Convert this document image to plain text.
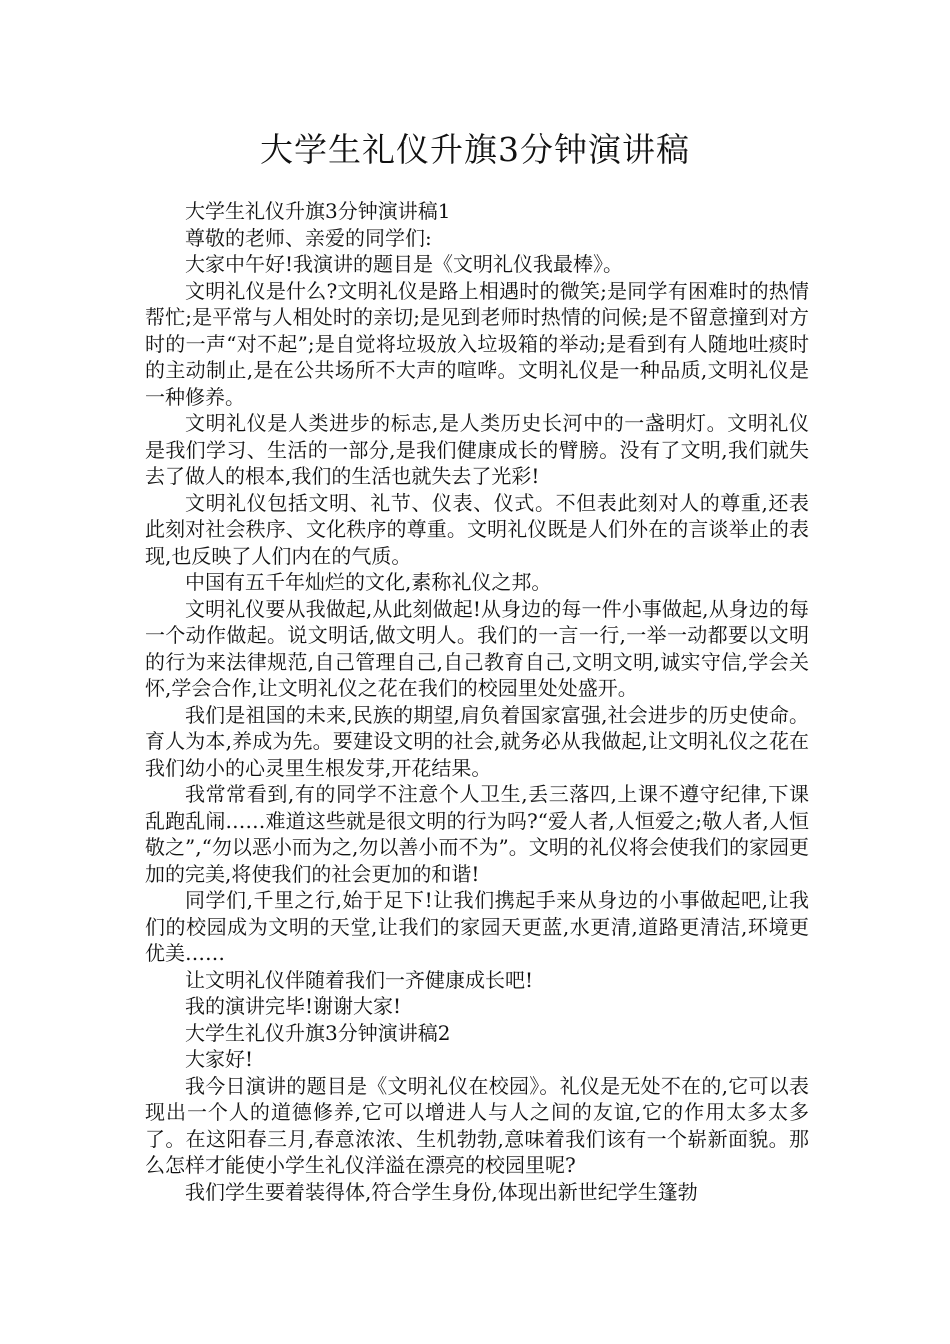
大学生礼仪升旗3分钟演讲稿

大学生礼仪升旗3分钟演讲稿1

尊敬的老师、亲爱的同学们:

大家中午好!我演讲的题目是《文明礼仪我最棒》。

文明礼仪是什么?文明礼仪是路上相遇时的微笑;是同学有困难时的热情帮忙;是平常与人相处时的亲切;是见到老师时热情的问候;是不留意撞到对方时的一声“对不起”;是自觉将垃圾放入垃圾箱的举动;是看到有人随地吐痰时的主动制止,是在公共场所不大声的喧哗。文明礼仪是一种品质,文明礼仪是一种修养。

文明礼仪是人类进步的标志,是人类历史长河中的一盏明灯。文明礼仪是我们学习、生活的一部分,是我们健康成长的臂膀。没有了文明,我们就失去了做人的根本,我们的生活也就失去了光彩!

文明礼仪包括文明、礼节、仪表、仪式。不但表此刻对人的尊重,还表此刻对社会秩序、文化秩序的尊重。文明礼仪既是人们外在的言谈举止的表现,也反映了人们内在的气质。

中国有五千年灿烂的文化,素称礼仪之邦。

文明礼仪要从我做起,从此刻做起!从身边的每一件小事做起,从身边的每一个动作做起。说文明话,做文明人。我们的一言一行,一举一动都要以文明的行为来法律规范,自己管理自己,自己教育自己,文明文明,诚实守信,学会关怀,学会合作,让文明礼仪之花在我们的校园里处处盛开。

我们是祖国的未来,民族的期望,肩负着国家富强,社会进步的历史使命。育人为本,养成为先。要建设文明的社会,就务必从我做起,让文明礼仪之花在我们幼小的心灵里生根发芽,开花结果。

我常常看到,有的同学不注意个人卫生,丢三落四,上课不遵守纪律,下课乱跑乱闹……难道这些就是很文明的行为吗?“爱人者,人恒爱之;敬人者,人恒敬之”,“勿以恶小而为之,勿以善小而不为”。文明的礼仪将会使我们的家园更加的完美,将使我们的社会更加的和谐!

同学们,千里之行,始于足下!让我们携起手来从身边的小事做起吧,让我们的校园成为文明的天堂,让我们的家园天更蓝,水更清,道路更清洁,环境更优美……

让文明礼仪伴随着我们一齐健康成长吧!

我的演讲完毕!谢谢大家!

大学生礼仪升旗3分钟演讲稿2

大家好!

我今日演讲的题目是《文明礼仪在校园》。礼仪是无处不在的,它可以表现出一个人的道德修养,它可以增进人与人之间的友谊,它的作用太多太多了。在这阳春三月,春意浓浓、生机勃勃,意味着我们该有一个崭新面貌。那么怎样才能使小学生礼仪洋溢在漂亮的校园里呢?

我们学生要着装得体,符合学生身份,体现出新世纪学生篷勃
